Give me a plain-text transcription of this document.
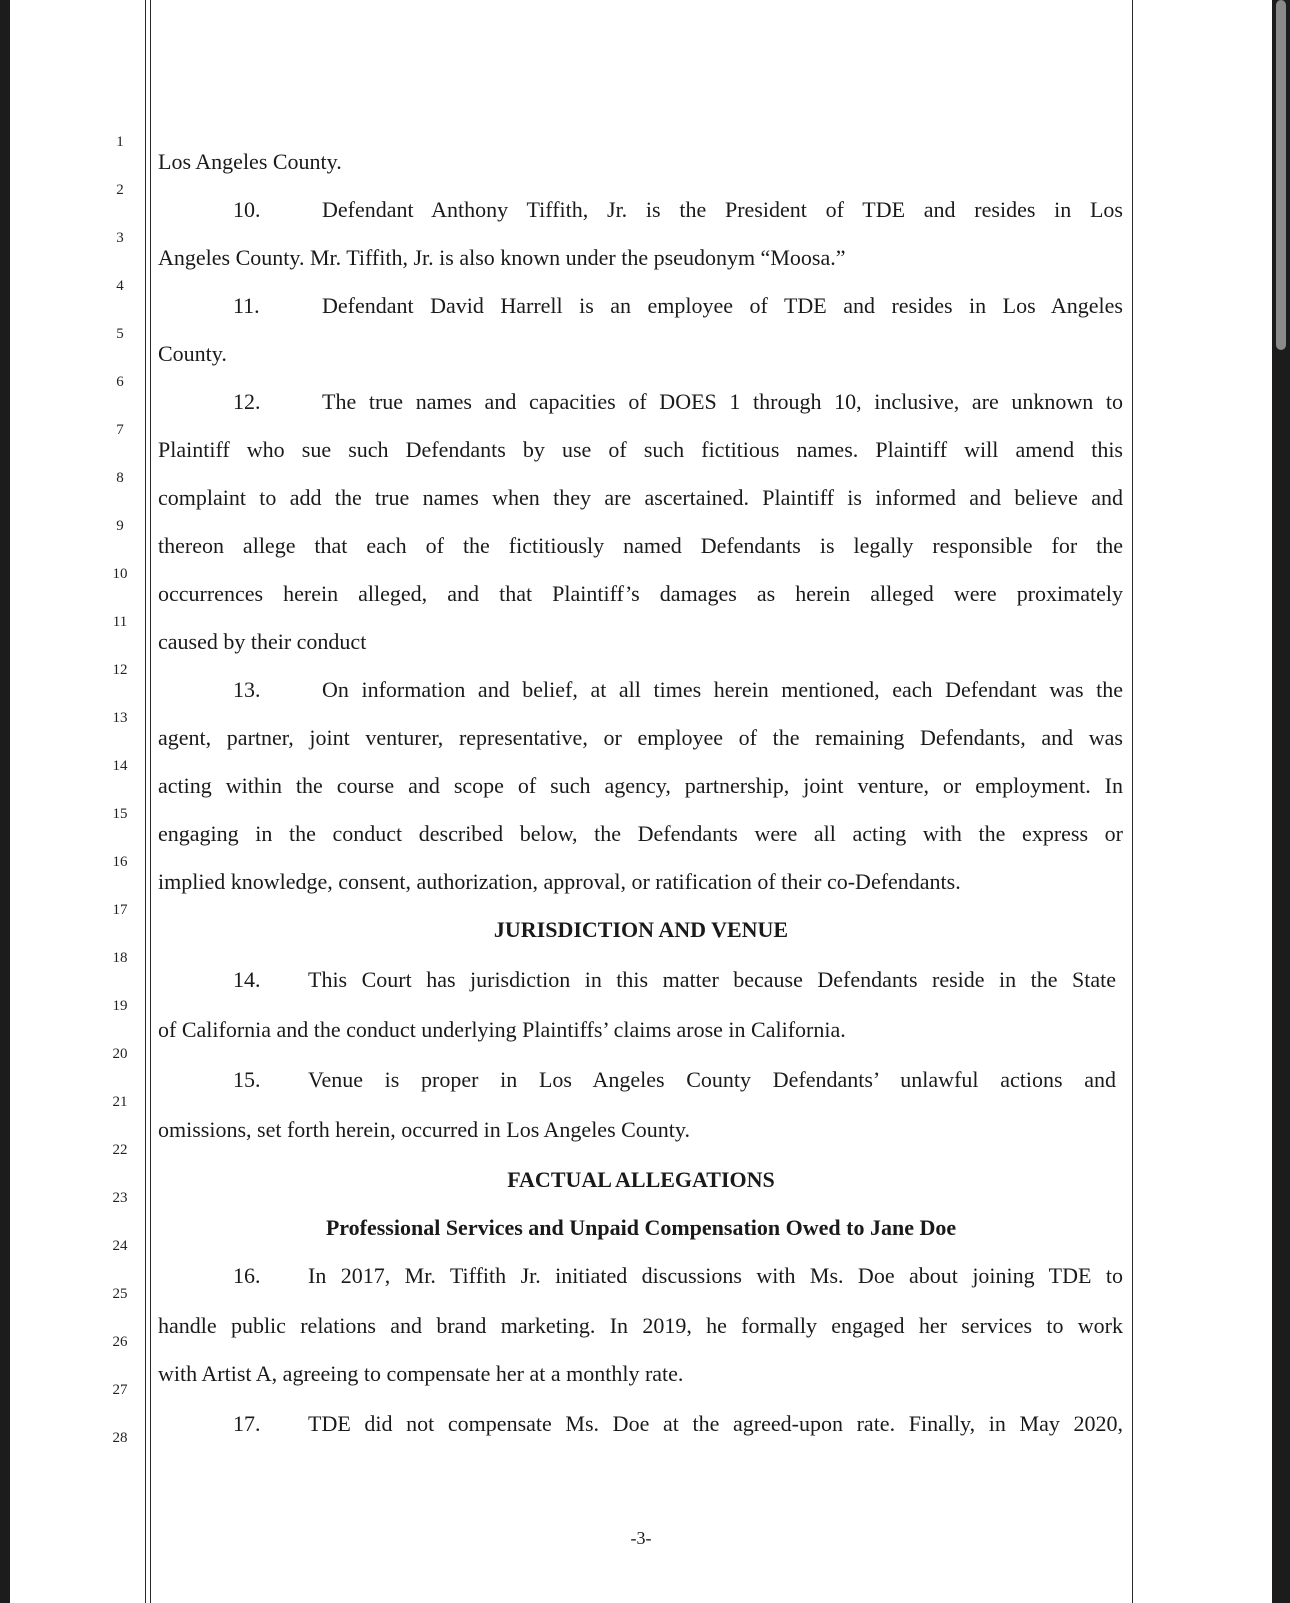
1
2
3
4
5
6
7
8
9
10
11
12
13
14
15
16
17
18
19
20
21
22
23
24
25
26
27
28
Los Angeles County.
10.	Defendant Anthony Tiffith, Jr. is the President of TDE and resides in Los
Angeles County. Mr. Tiffith, Jr. is also known under the pseudonym “Moosa.”
11.	Defendant David Harrell is an employee of TDE and resides in Los Angeles
County.
12.	The true names and capacities of DOES 1 through 10, inclusive, are unknown to
Plaintiff who sue such Defendants by use of such fictitious names. Plaintiff will amend this
complaint to add the true names when they are ascertained. Plaintiff is informed and believe and
thereon allege that each of the fictitiously named Defendants is legally responsible for the
occurrences herein alleged, and that Plaintiff’s damages as herein alleged were proximately
caused by their conduct
13.	On information and belief, at all times herein mentioned, each Defendant was the
agent, partner, joint venturer, representative, or employee of the remaining Defendants, and was
acting within the course and scope of such agency, partnership, joint venture, or employment. In
engaging in the conduct described below, the Defendants were all acting with the express or
implied knowledge, consent, authorization, approval, or ratification of their co-Defendants.
JURISDICTION AND VENUE
14. This Court has jurisdiction in this matter because Defendants reside in the State
of California and the conduct underlying Plaintiffs’ claims arose in California.
15. Venue is proper in Los Angeles County Defendants’ unlawful actions and
omissions, set forth herein, occurred in Los Angeles County.
FACTUAL ALLEGATIONS
Professional Services and Unpaid Compensation Owed to Jane Doe
16. In 2017, Mr. Tiffith Jr. initiated discussions with Ms. Doe about joining TDE to
handle public relations and brand marketing. In 2019, he formally engaged her services to work
with Artist A, agreeing to compensate her at a monthly rate.
17. TDE did not compensate Ms. Doe at the agreed-upon rate. Finally, in May 2020,
-3-
